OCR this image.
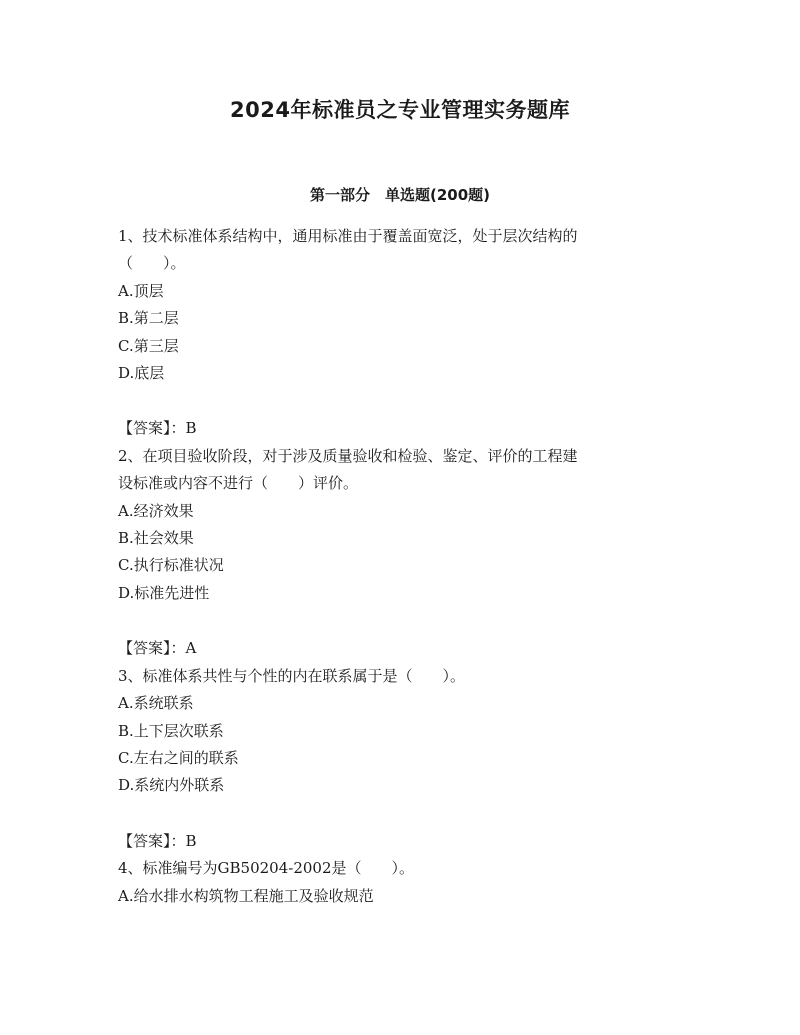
2024年标准员之专业管理实务题库
第一部分　单选题(200题)

1、技术标准体系结构中，通用标准由于覆盖面宽泛，处于层次结构的

（　　）。

A.顶层

B.第二层

C.第三层

D.底层

【答案】：B

2、在项目验收阶段，对于涉及质量验收和检验、鉴定、评价的工程建

设标准或内容不进行（　　）评价。

A.经济效果

B.社会效果

C.执行标准状况

D.标准先进性

【答案】：A

3、标准体系共性与个性的内在联系属于是（　　）。

A.系统联系

B.上下层次联系

C.左右之间的联系

D.系统内外联系

【答案】：B

4、标准编号为GB50204-2002是（　　）。

A.给水排水构筑物工程施工及验收规范
